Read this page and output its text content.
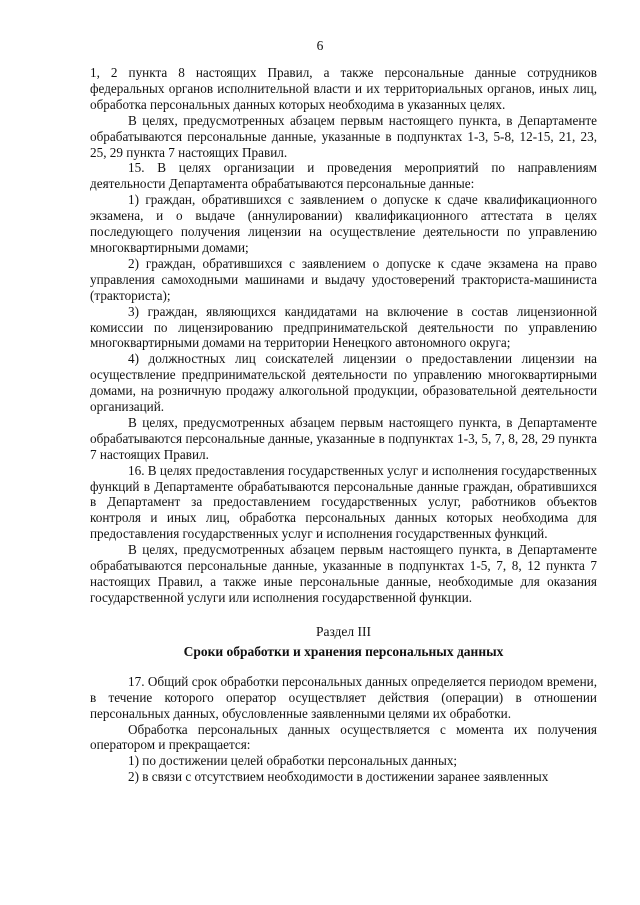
6

1, 2 пункта 8 настоящих Правил, а также персональные данные сотрудников федеральных органов исполнительной власти и их территориальных органов, иных лиц, обработка персональных данных которых необходима в указанных целях.

В целях, предусмотренных абзацем первым настоящего пункта, в Департаменте обрабатываются персональные данные, указанные в подпунктах 1-3, 5-8, 12-15, 21, 23, 25, 29 пункта 7 настоящих Правил.

15. В целях организации и проведения мероприятий по направлениям деятельности Департамента обрабатываются персональные данные:

1) граждан, обратившихся с заявлением о допуске к сдаче квалификационного экзамена, и о выдаче (аннулировании) квалификационного аттестата в целях последующего получения лицензии на осуществление деятельности по управлению многоквартирными домами;

2) граждан, обратившихся с заявлением о допуске к сдаче экзамена на право управления самоходными машинами и выдачу удостоверений тракториста-машиниста (тракториста);

3) граждан, являющихся кандидатами на включение в состав лицензионной комиссии по лицензированию предпринимательской деятельности по управлению многоквартирными домами на территории Ненецкого автономного округа;

4) должностных лиц соискателей лицензии о предоставлении лицензии на осуществление предпринимательской деятельности по управлению многоквартирными домами, на розничную продажу алкогольной продукции, образовательной деятельности организаций.

В целях, предусмотренных абзацем первым настоящего пункта, в Департаменте обрабатываются персональные данные, указанные в подпунктах 1-3, 5, 7, 8, 28, 29 пункта 7 настоящих Правил.

16. В целях предоставления государственных услуг и исполнения государственных функций в Департаменте обрабатываются персональные данные граждан, обратившихся в Департамент за предоставлением государственных услуг, работников объектов контроля и иных лиц, обработка персональных данных которых необходима для предоставления государственных услуг и исполнения государственных функций.

В целях, предусмотренных абзацем первым настоящего пункта, в Департаменте обрабатываются персональные данные, указанные в подпунктах 1-5, 7, 8, 12 пункта 7 настоящих Правил, а также иные персональные данные, необходимые для оказания государственной услуги или исполнения государственной функции.

Раздел III

Сроки обработки и хранения персональных данных

17. Общий срок обработки персональных данных определяется периодом времени, в течение которого оператор осуществляет действия (операции) в отношении персональных данных, обусловленные заявленными целями их обработки.

Обработка персональных данных осуществляется с момента их получения оператором и прекращается:

1) по достижении целей обработки персональных данных;

2) в связи с отсутствием необходимости в достижении заранее заявленных
